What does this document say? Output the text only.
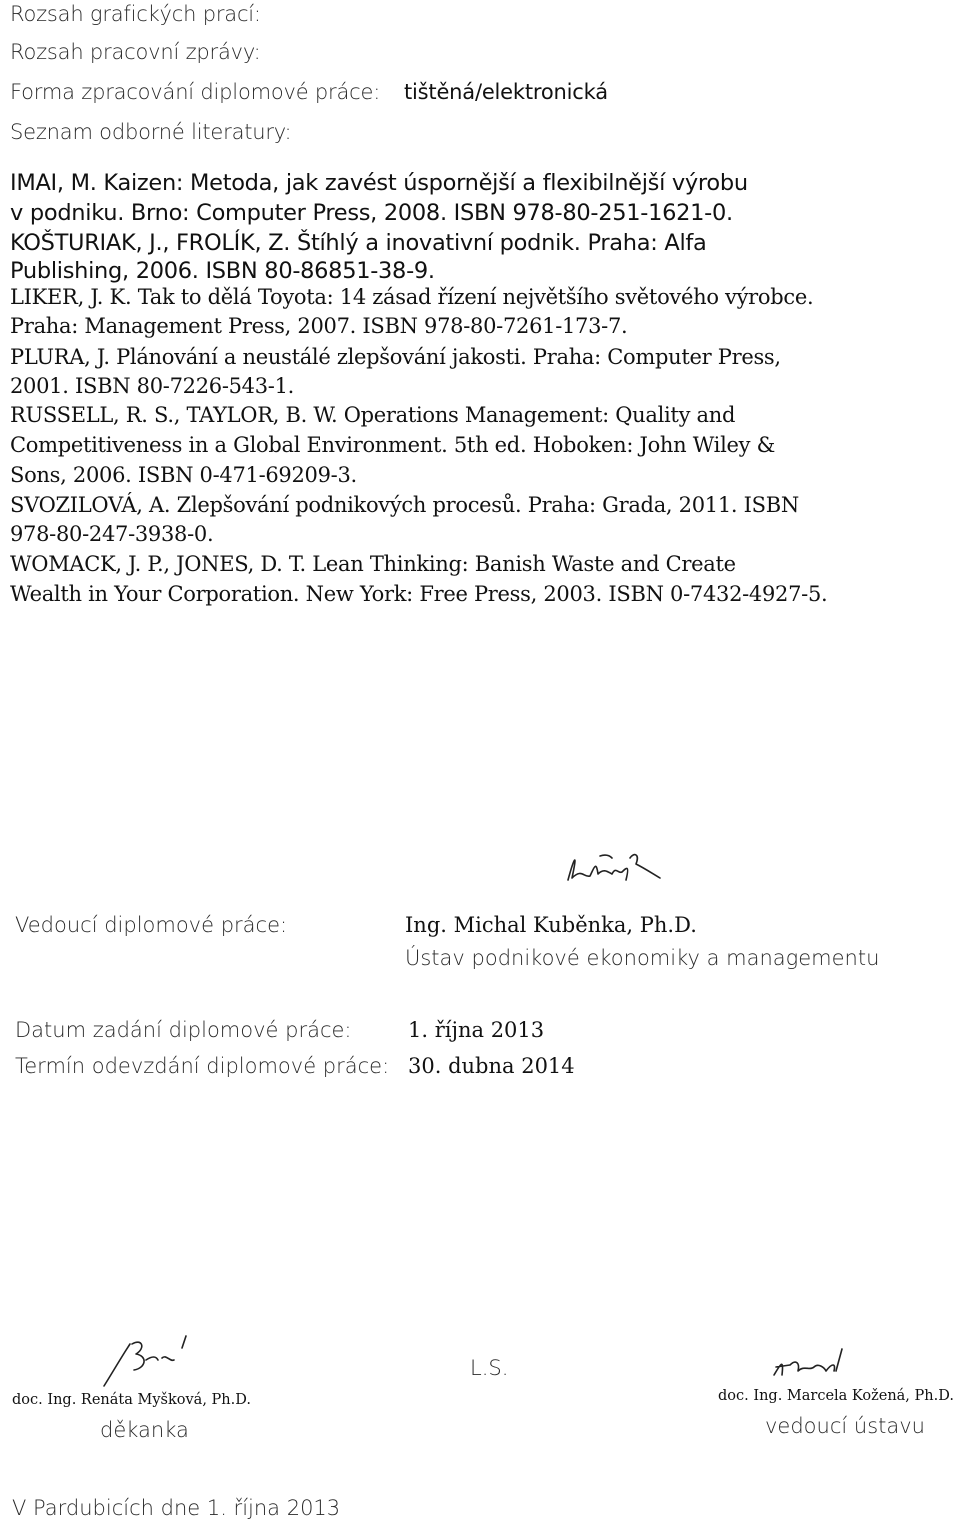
Rozsah grafických prací:
Rozsah pracovní zprávy:
Forma zpracování diplomové práce: tištěná/elektronická
Seznam odborné literatury:
IMAI, M. Kaizen: Metoda, jak zavést úspornější a flexibilnější výrobu
v podniku. Brno: Computer Press, 2008. ISBN 978-80-251-1621-0.
KOŠTURIAK, J., FROLÍK, Z. Štíhlý a inovativní podnik. Praha: Alfa
Publishing, 2006. ISBN 80-86851-38-9.
LIKER, J. K. Tak to dělá Toyota: 14 zásad řízení největšího světového výrobce.
Praha: Management Press, 2007. ISBN 978-80-7261-173-7.
PLURA, J. Plánování a neustálé zlepšování jakosti. Praha: Computer Press,
2001. ISBN 80-7226-543-1.
RUSSELL, R. S., TAYLOR, B. W. Operations Management: Quality and
Competitiveness in a Global Environment. 5th ed. Hoboken: John Wiley &
Sons, 2006. ISBN 0-471-69209-3.
SVOZILOVÁ, A. Zlepšování podnikových procesů. Praha: Grada, 2011. ISBN
978-80-247-3938-0.
WOMACK, J. P., JONES, D. T. Lean Thinking: Banish Waste and Create
Wealth in Your Corporation. New York: Free Press, 2003. ISBN 0-7432-4927-5.
Vedoucí diplomové práce:	Ing. Michal Kuběnka, Ph.D.
Ústav podnikové ekonomiky a managementu
Datum zadání diplomové práce:	1. října 2013
Termín odevzdání diplomové práce: 30. dubna 2014
doc. Ing. Renáta Myšková, Ph.D.
děkanka
L.S.
doc. Ing. Marcela Kožená, Ph.D.
vedoucí ústavu
V Pardubicích dne 1. října 2013
